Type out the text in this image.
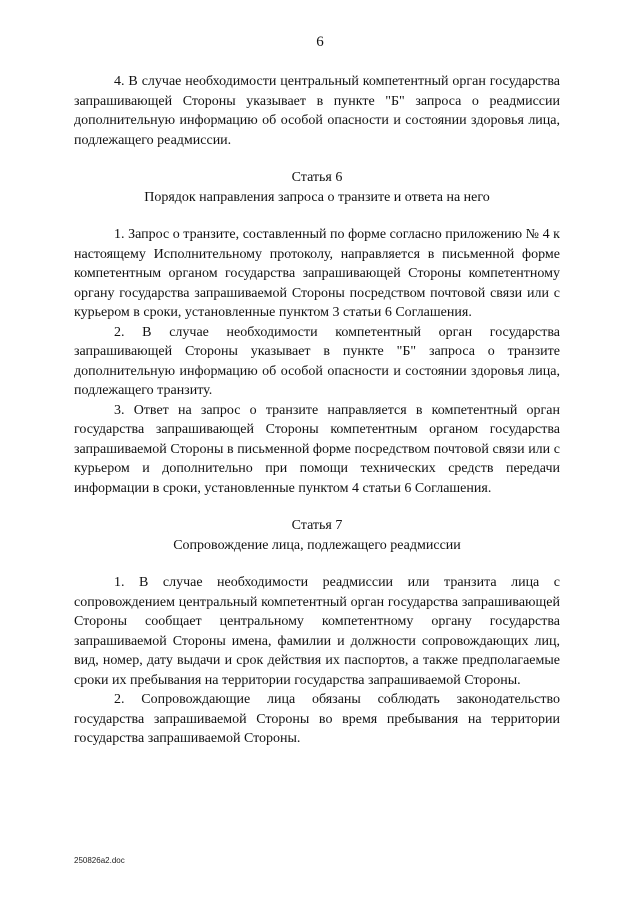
6

4. В случае необходимости центральный компетентный орган государства запрашивающей Стороны указывает в пункте "Б" запроса о реадмиссии дополнительную информацию об особой опасности и состоянии здоровья лица, подлежащего реадмиссии.

Статья 6

Порядок направления запроса о транзите и ответа на него

1. Запрос о транзите, составленный по форме согласно приложению № 4 к настоящему Исполнительному протоколу, направляется в письменной форме компетентным органом государства запрашивающей Стороны компетентному органу государства запрашиваемой Стороны посредством почтовой связи или с курьером в сроки, установленные пунктом 3 статьи 6 Соглашения.

2. В случае необходимости компетентный орган государства запрашивающей Стороны указывает в пункте "Б" запроса о транзите дополнительную информацию об особой опасности и состоянии здоровья лица, подлежащего транзиту.

3. Ответ на запрос о транзите направляется в компетентный орган государства запрашивающей Стороны компетентным органом государства запрашиваемой Стороны в письменной форме посредством почтовой связи или с курьером и дополнительно при помощи технических средств передачи информации в сроки, установленные пунктом 4 статьи 6 Соглашения.

Статья 7

Сопровождение лица, подлежащего реадмиссии

1. В случае необходимости реадмиссии или транзита лица с сопровождением центральный компетентный орган государства запрашивающей Стороны сообщает центральному компетентному органу государства запрашиваемой Стороны имена, фамилии и должности сопровождающих лиц, вид, номер, дату выдачи и срок действия их паспортов, а также предполагаемые сроки их пребывания на территории государства запрашиваемой Стороны.

2. Сопровождающие лица обязаны соблюдать законодательство государства запрашиваемой Стороны во время пребывания на территории государства запрашиваемой Стороны.

250826a2.doc
